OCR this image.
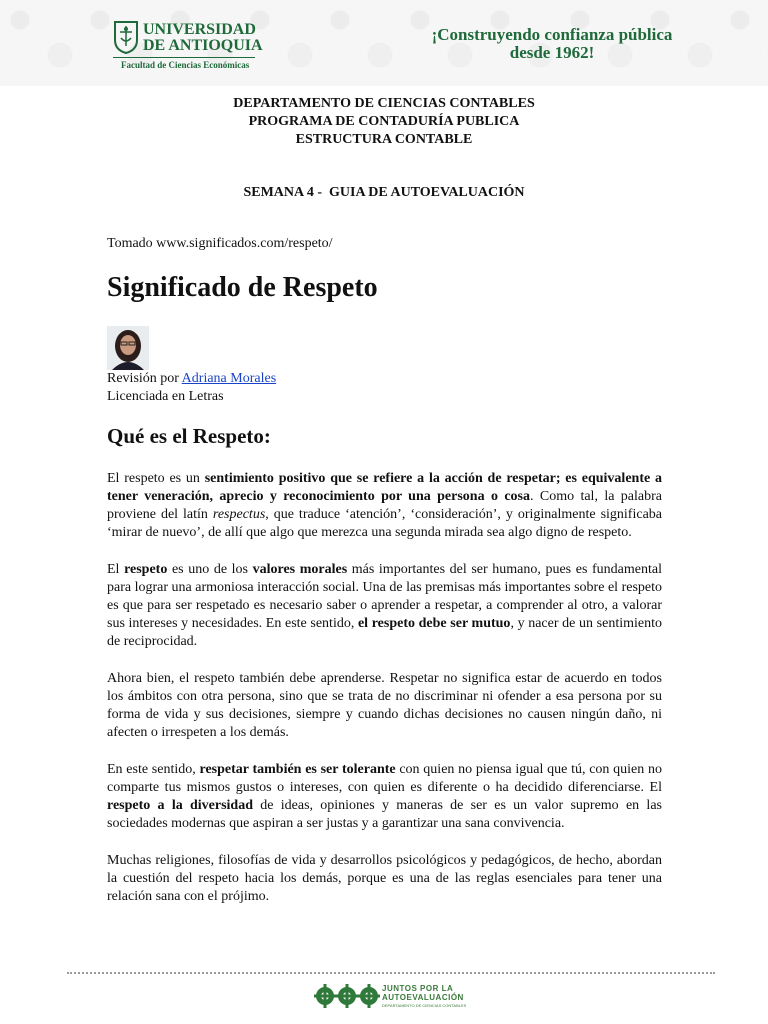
UNIVERSIDAD
DE ANTIOQUIA
Facultad de Ciencias Económicas
¡Construyendo confianza pública
desde 1962!
DEPARTAMENTO DE CIENCIAS CONTABLES
PROGRAMA DE CONTADURÍA PUBLICA
ESTRUCTURA CONTABLE
SEMANA 4 -  GUIA DE AUTOEVALUACIÓN
Tomado www.significados.com/respeto/
Significado de Respeto
Revisión por Adriana Morales
Licenciada en Letras
Qué es el Respeto:

El respeto es un sentimiento positivo que se refiere a la acción de respetar; es equivalente a tener veneración, aprecio y reconocimiento por una persona o cosa. Como tal, la palabra proviene del latín respectus, que traduce ‘atención’, ‘consideración’, y originalmente significaba ‘mirar de nuevo’, de allí que algo que merezca una segunda mirada sea algo digno de respeto.

El respeto es uno de los valores morales más importantes del ser humano, pues es fundamental para lograr una armoniosa interacción social. Una de las premisas más importantes sobre el respeto es que para ser respetado es necesario saber o aprender a respetar, a comprender al otro, a valorar sus intereses y necesidades. En este sentido, el respeto debe ser mutuo, y nacer de un sentimiento de reciprocidad.

Ahora bien, el respeto también debe aprenderse. Respetar no significa estar de acuerdo en todos los ámbitos con otra persona, sino que se trata de no discriminar ni ofender a esa persona por su forma de vida y sus decisiones, siempre y cuando dichas decisiones no causen ningún daño, ni afecten o irrespeten a los demás.

En este sentido, respetar también es ser tolerante con quien no piensa igual que tú, con quien no comparte tus mismos gustos o intereses, con quien es diferente o ha decidido diferenciarse. El respeto a la diversidad de ideas, opiniones y maneras de ser es un valor supremo en las sociedades modernas que aspiran a ser justas y a garantizar una sana convivencia.

Muchas religiones, filosofías de vida y desarrollos psicológicos y pedagógicos, de hecho, abordan la cuestión del respeto hacia los demás, porque es una de las reglas esenciales para tener una relación sana con el prójimo.

JUNTOS POR LA
AUTOEVALUACIÓN
DEPARTAMENTO DE CIENCIAS CONTABLES
